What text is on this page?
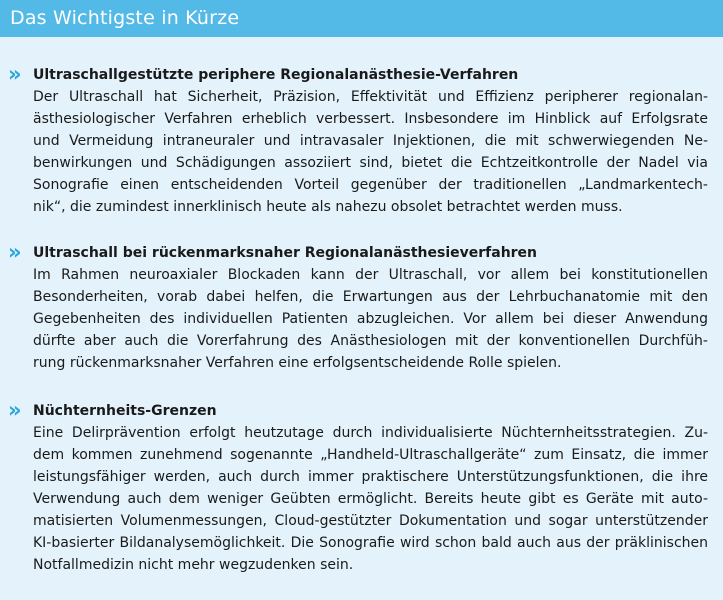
Das Wichtigste in Kürze
» Ultraschallgestützte periphere Regionalanästhesie-Verfahren
Der Ultraschall hat Sicherheit, Präzision, Effektivität und Effizienz peripherer regionalan-
ästhesiologischer Verfahren erheblich verbessert. Insbesondere im Hinblick auf Erfolgsrate
und Vermeidung intraneuraler und intravasaler Injektionen, die mit schwerwiegenden Ne-
benwirkungen und Schädigungen assoziiert sind, bietet die Echtzeitkontrolle der Nadel via
Sonografie einen entscheidenden Vorteil gegenüber der traditionellen „Landmarkentech-
nik“, die zumindest innerklinisch heute als nahezu obsolet betrachtet werden muss.
» Ultraschall bei rückenmarksnaher Regionalanästhesieverfahren
Im Rahmen neuroaxialer Blockaden kann der Ultraschall, vor allem bei konstitutionellen
Besonderheiten, vorab dabei helfen, die Erwartungen aus der Lehrbuchanatomie mit den
Gegebenheiten des individuellen Patienten abzugleichen. Vor allem bei dieser Anwendung
dürfte aber auch die Vorerfahrung des Anästhesiologen mit der konventionellen Durchfüh-
rung rückenmarksnaher Verfahren eine erfolgsentscheidende Rolle spielen.
» Nüchternheits-Grenzen
Eine Delirprävention erfolgt heutzutage durch individualisierte Nüchternheitsstrategien. Zu-
dem kommen zunehmend sogenannte „Handheld-Ultraschallgeräte“ zum Einsatz, die immer
leistungsfähiger werden, auch durch immer praktischere Unterstützungsfunktionen, die ihre
Verwendung auch dem weniger Geübten ermöglicht. Bereits heute gibt es Geräte mit auto-
matisierten Volumenmessungen, Cloud-gestützter Dokumentation und sogar unterstützender
KI-basierter Bildanalysemöglichkeit. Die Sonografie wird schon bald auch aus der präklinischen
Notfallmedizin nicht mehr wegzudenken sein.
